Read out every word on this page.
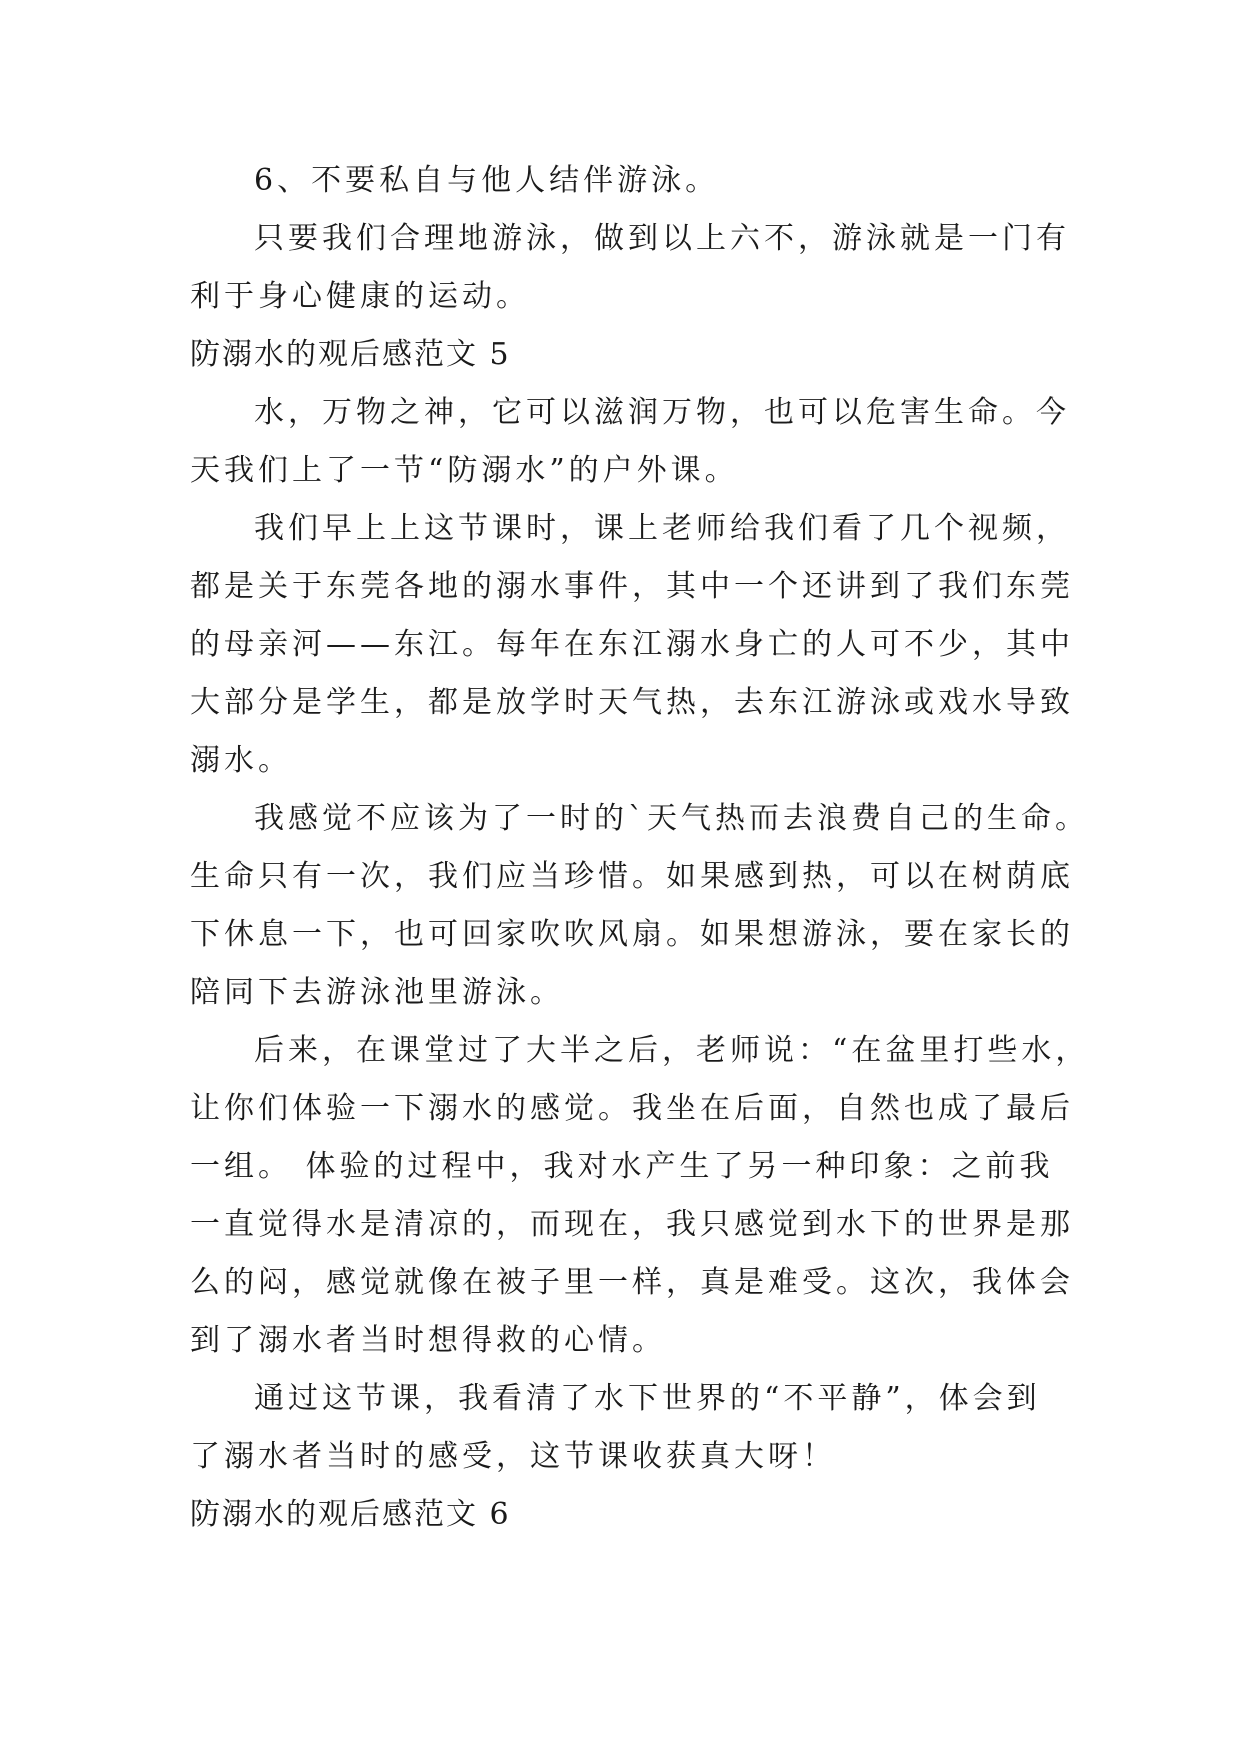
6、不要私自与他人结伴游泳。
只要我们合理地游泳，做到以上六不，游泳就是一门有
利于身心健康的运动。
防溺水的观后感范文 5
水，万物之神，它可以滋润万物，也可以危害生命。今
天我们上了一节“防溺水”的户外课。
我们早上上这节课时，课上老师给我们看了几个视频，
都是关于东莞各地的溺水事件，其中一个还讲到了我们东莞
的母亲河——东江。每年在东江溺水身亡的人可不少，其中
大部分是学生，都是放学时天气热，去东江游泳或戏水导致
溺水。
我感觉不应该为了一时的`天气热而去浪费自己的生命。
生命只有一次，我们应当珍惜。如果感到热，可以在树荫底
下休息一下，也可回家吹吹风扇。如果想游泳，要在家长的
陪同下去游泳池里游泳。
后来，在课堂过了大半之后，老师说：“在盆里打些水，
让你们体验一下溺水的感觉。我坐在后面，自然也成了最后
一组。 体验的过程中，我对水产生了另一种印象：之前我
一直觉得水是清凉的，而现在，我只感觉到水下的世界是那
么的闷，感觉就像在被子里一样，真是难受。这次，我体会
到了溺水者当时想得救的心情。
通过这节课，我看清了水下世界的“不平静”，体会到
了溺水者当时的感受，这节课收获真大呀！
防溺水的观后感范文 6
